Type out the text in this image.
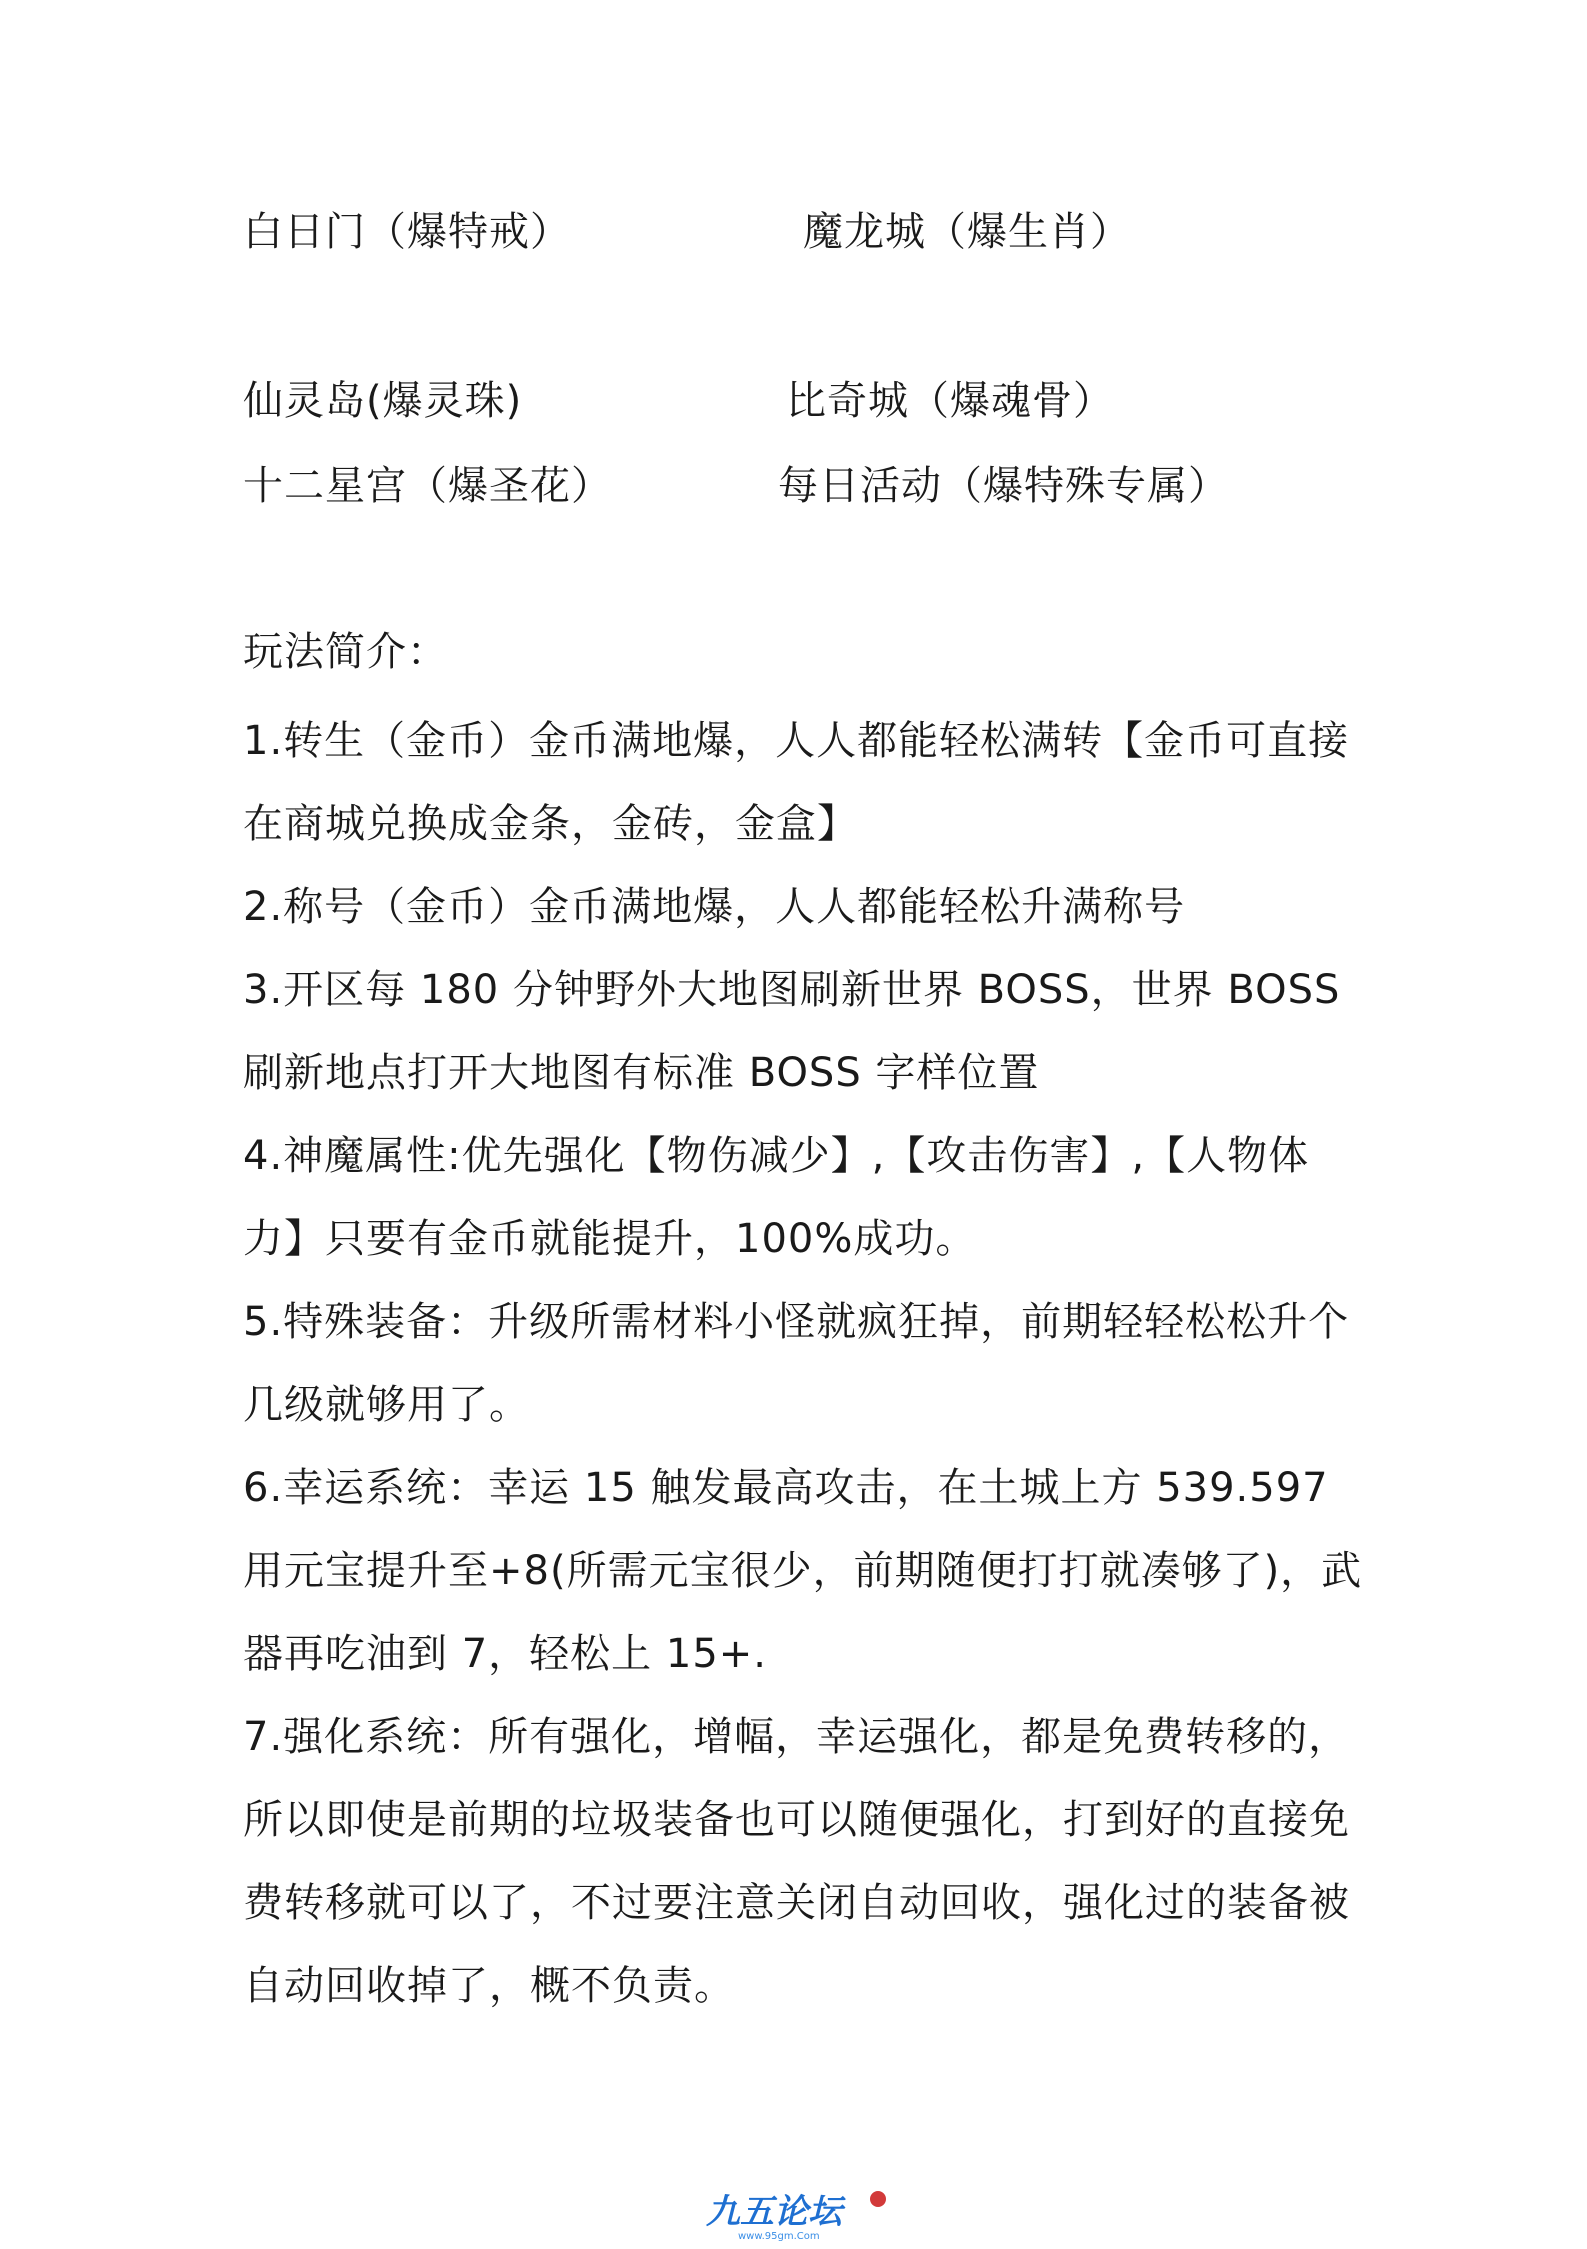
白日门（爆特戒）	魔龙城（爆生肖）
仙灵岛(爆灵珠)	比奇城（爆魂骨）
十二星宫（爆圣花）	每日活动（爆特殊专属）
玩法简介：

1.转生（金币）金币满地爆，人人都能轻松满转【金币可直接在商城兑换成金条，金砖，金盒】

2.称号（金币）金币满地爆，人人都能轻松升满称号

3.开区每 180 分钟野外大地图刷新世界 BOSS，世界 BOSS 刷新地点打开大地图有标准 BOSS 字样位置

4.神魔属性:优先强化【物伤减少】,【攻击伤害】,【人物体力】只要有金币就能提升，100%成功。

5.特殊装备：升级所需材料小怪就疯狂掉，前期轻轻松松升个几级就够用了。

6.幸运系统：幸运 15 触发最高攻击，在土城上方 539.597 用元宝提升至+8(所需元宝很少，前期随便打打就凑够了)，武器再吃油到 7，轻松上 15+.

7.强化系统：所有强化，增幅，幸运强化，都是免费转移的，所以即使是前期的垃圾装备也可以随便强化，打到好的直接免费转移就可以了，不过要注意关闭自动回收，强化过的装备被自动回收掉了，概不负责。

九五论坛
www.95gm.Com
